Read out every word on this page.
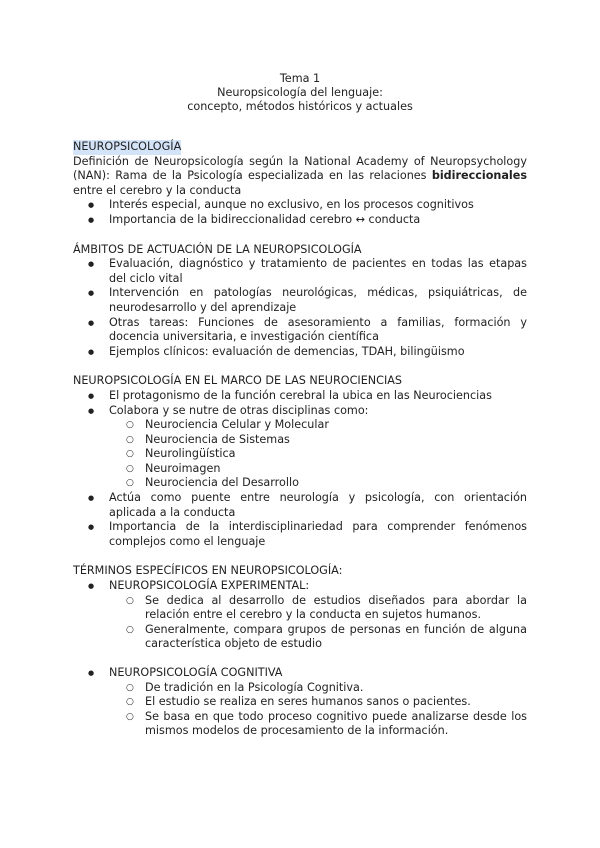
Tema 1
Neuropsicología del lenguaje:
concepto, métodos históricos y actuales
NEUROPSICOLOGÍA

Definición de Neuropsicología según la National Academy of Neuropsychology (NAN): Rama de la Psicología especializada en las relaciones bidireccionales entre el cerebro y la conducta

● Interés especial, aunque no exclusivo, en los procesos cognitivos
● Importancia de la bidireccionalidad cerebro ↔ conducta
ÁMBITOS DE ACTUACIÓN DE LA NEUROPSICOLOGÍA
● Evaluación, diagnóstico y tratamiento de pacientes en todas las etapas del ciclo vital
● Intervención en patologías neurológicas, médicas, psiquiátricas, de neurodesarrollo y del aprendizaje
● Otras tareas: Funciones de asesoramiento a familias, formación y docencia universitaria, e investigación científica
● Ejemplos clínicos: evaluación de demencias, TDAH, bilingüismo
NEUROPSICOLOGÍA EN EL MARCO DE LAS NEUROCIENCIAS
● El protagonismo de la función cerebral la ubica en las Neurociencias
● Colabora y se nutre de otras disciplinas como:
○ Neurociencia Celular y Molecular
○ Neurociencia de Sistemas
○ Neurolingüística
○ Neuroimagen
○ Neurociencia del Desarrollo
● Actúa como puente entre neurología y psicología, con orientación aplicada a la conducta
● Importancia de la interdisciplinariedad para comprender fenómenos complejos como el lenguaje
TÉRMINOS ESPECÍFICOS EN NEUROPSICOLOGÍA:
● NEUROPSICOLOGÍA EXPERIMENTAL:
○ Se dedica al desarrollo de estudios diseñados para abordar la relación entre el cerebro y la conducta en sujetos humanos.
○ Generalmente, compara grupos de personas en función de alguna característica objeto de estudio
● NEUROPSICOLOGÍA COGNITIVA
○ De tradición en la Psicología Cognitiva.
○ El estudio se realiza en seres humanos sanos o pacientes.
○ Se basa en que todo proceso cognitivo puede analizarse desde los mismos modelos de procesamiento de la información.
